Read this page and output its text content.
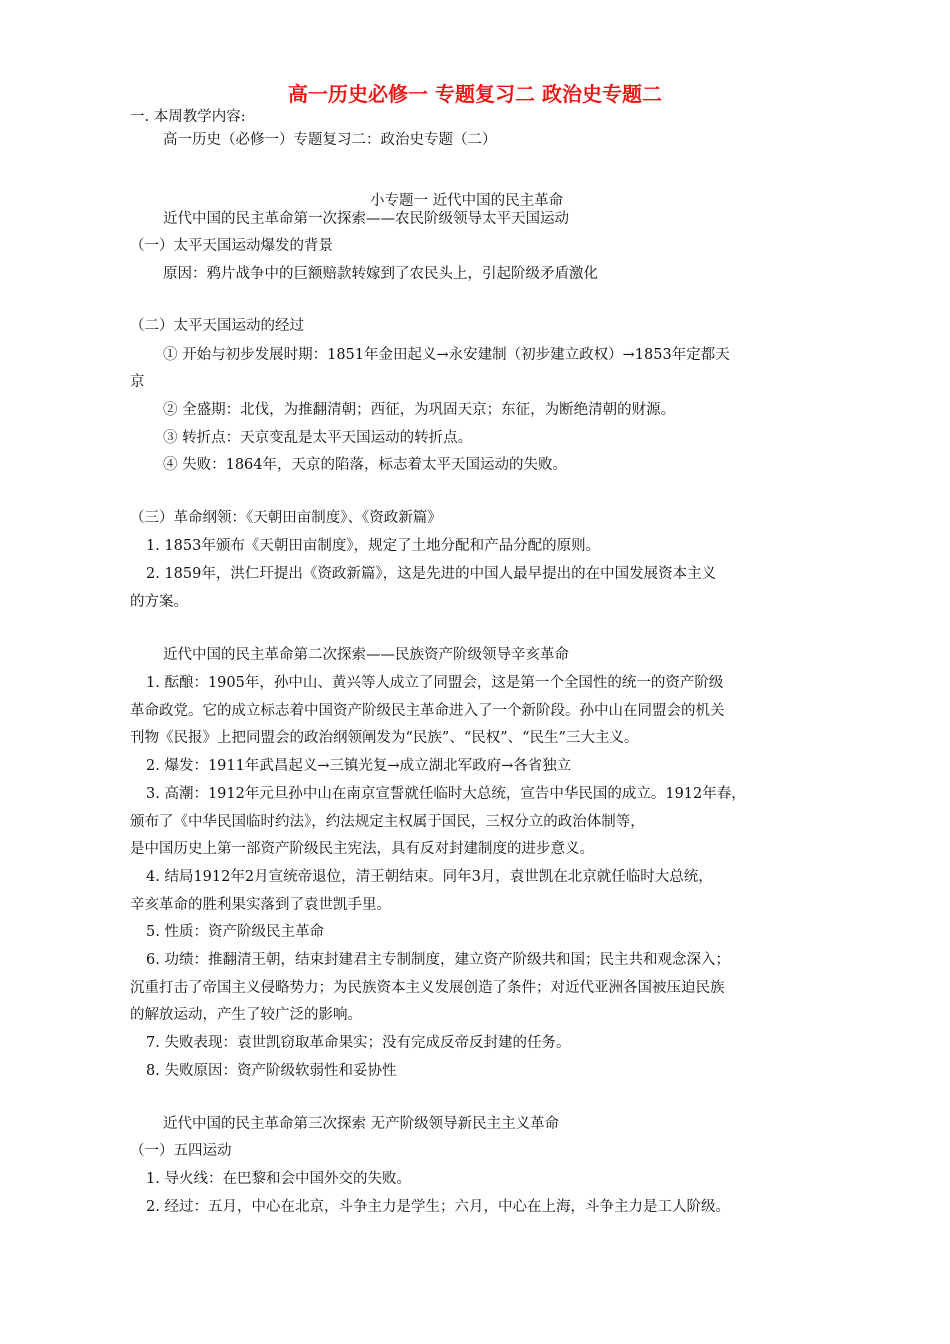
高一历史必修一 专题复习二 政治史专题二
一. 本周教学内容:
高一历史（必修一）专题复习二：政治史专题（二）
小专题一 近代中国的民主革命
近代中国的民主革命第一次探索——农民阶级领导太平天国运动
（一）太平天国运动爆发的背景
原因：鸦片战争中的巨额赔款转嫁到了农民头上，引起阶级矛盾激化
（二）太平天国运动的经过
① 开始与初步发展时期：1851年金田起义→永安建制（初步建立政权）→1853年定都天
京
② 全盛期：北伐，为推翻清朝；西征，为巩固天京；东征，为断绝清朝的财源。
③ 转折点：天京变乱是太平天国运动的转折点。
④ 失败：1864年，天京的陷落，标志着太平天国运动的失败。
（三）革命纲领：《天朝田亩制度》、《资政新篇》
1. 1853年颁布《天朝田亩制度》，规定了土地分配和产品分配的原则。
2. 1859年，洪仁玕提出《资政新篇》，这是先进的中国人最早提出的在中国发展资本主义
的方案。
近代中国的民主革命第二次探索——民族资产阶级领导辛亥革命
1. 酝酿：1905年，孙中山、黄兴等人成立了同盟会，这是第一个全国性的统一的资产阶级
革命政党。它的成立标志着中国资产阶级民主革命进入了一个新阶段。孙中山在同盟会的机关
刊物《民报》上把同盟会的政治纲领阐发为“民族”、“民权”、“民生”三大主义。
2. 爆发：1911年武昌起义→三镇光复→成立湖北军政府→各省独立
3. 高潮：1912年元旦孙中山在南京宣誓就任临时大总统，宣告中华民国的成立。1912年春，
颁布了《中华民国临时约法》，约法规定主权属于国民，三权分立的政治体制等，
是中国历史上第一部资产阶级民主宪法，具有反对封建制度的进步意义。
4. 结局1912年2月宣统帝退位，清王朝结束。同年3月，袁世凯在北京就任临时大总统，
辛亥革命的胜利果实落到了袁世凯手里。
5. 性质：资产阶级民主革命
6. 功绩：推翻清王朝，结束封建君主专制制度，建立资产阶级共和国；民主共和观念深入；
沉重打击了帝国主义侵略势力；为民族资本主义发展创造了条件；对近代亚洲各国被压迫民族
的解放运动，产生了较广泛的影响。
7. 失败表现：袁世凯窃取革命果实；没有完成反帝反封建的任务。
8. 失败原因：资产阶级软弱性和妥协性
近代中国的民主革命第三次探索 无产阶级领导新民主主义革命
（一）五四运动
1. 导火线：在巴黎和会中国外交的失败。
2. 经过：五月，中心在北京，斗争主力是学生；六月，中心在上海，斗争主力是工人阶级。
